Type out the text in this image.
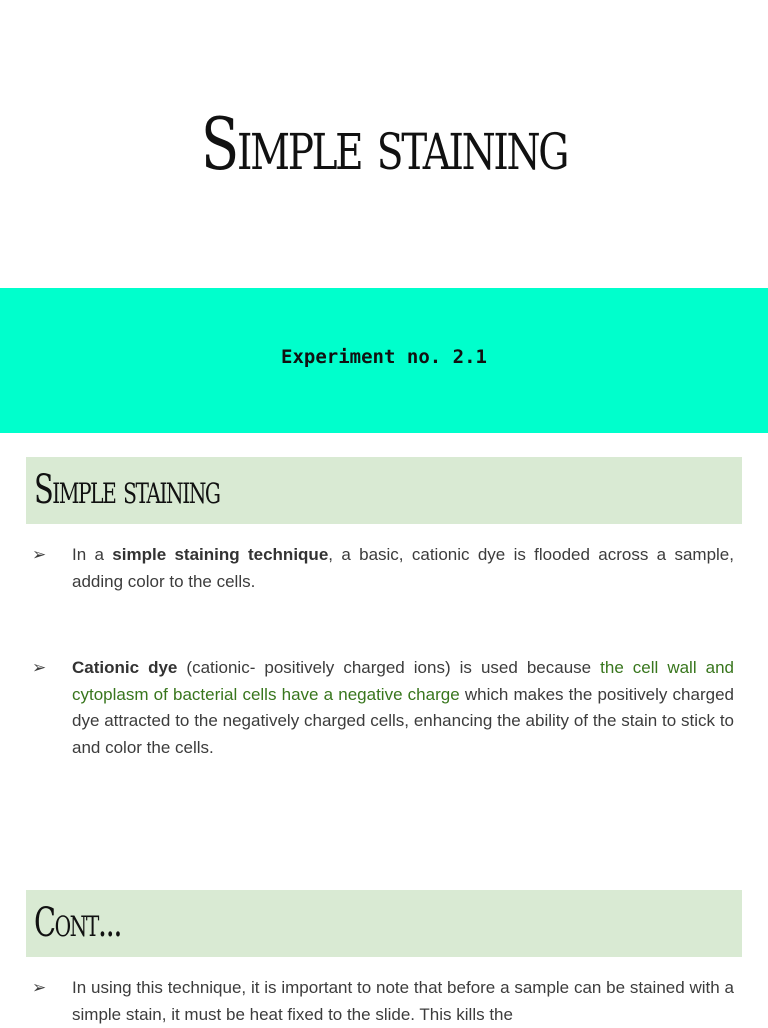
Simple staining
Experiment no. 2.1
Simple staining
➢	In a simple staining technique, a basic, cationic dye is flooded across a sample, adding color to the cells.
➢	Cationic dye (cationic- positively charged ions) is used because the cell wall and cytoplasm of bacterial cells have a negative charge which makes the positively charged dye attracted to the negatively charged cells, enhancing the ability of the stain to stick to and color the cells.
Cont...
➢	In using this technique, it is important to note that before a sample can be stained with a simple stain, it must be heat fixed to the slide. This kills the
